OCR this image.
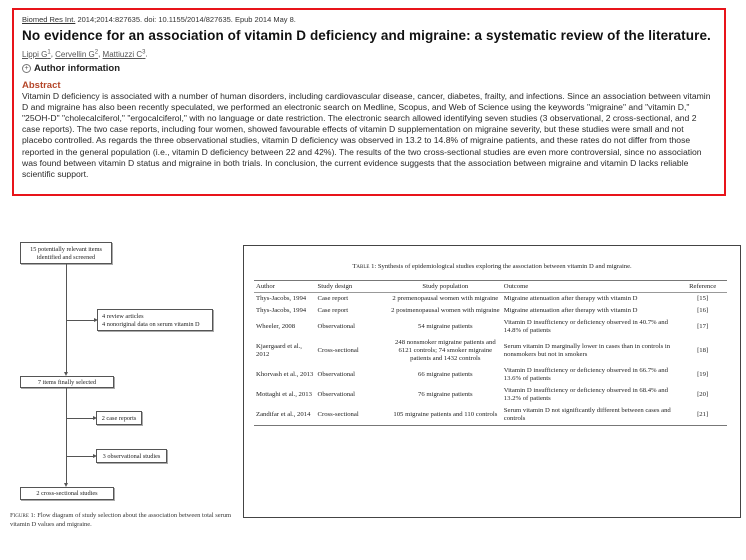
Biomed Res Int. 2014;2014:827635. doi: 10.1155/2014/827635. Epub 2014 May 8.
No evidence for an association of vitamin D deficiency and migraine: a systematic review of the literature.
Lippi $G^1$, Cervellin $G^2$, Mattiuzzi $C^3$.
+ Author information
Abstract
Vitamin D deficiency is associated with a number of human disorders, including cardiovascular disease, cancer, diabetes, frailty, and infections. Since an association between vitamin D and migraine has also been recently speculated, we performed an electronic search on Medline, Scopus, and Web of Science using the keywords "migraine" and "vitamin D," "25OH-D" "cholecalciferol," "ergocalciferol," with no language or date restriction. The electronic search allowed identifying seven studies (3 observational, 2 cross-sectional, and 2 case reports). The two case reports, including four women, showed favourable effects of vitamin D supplementation on migraine severity, but these studies were small and not placebo controlled. As regards the three observational studies, vitamin D deficiency was observed in 13.2 to 14.8% of migraine patients, and these rates do not differ from those reported in the general population (i.e., vitamin D deficiency between 22 and 42%). The results of the two cross-sectional studies are even more controversial, since no association was found between vitamin D status and migraine in both trials. In conclusion, the current evidence suggests that the association between migraine and vitamin D lacks reliable scientific support.
15 potentially relevant items
identified and screened
4 review articles
4 nonoriginal data on serum vitamin D
7 items finally selected
2 case reports
3 observational studies
2 cross-sectional studies
Figure 1: Flow diagram of study selection about the association between total serum vitamin D values and migraine.
Table 1: Synthesis of epidemiological studies exploring the association between vitamin D and migraine.
Author	Study design	Study population	Outcome	Reference
Thys-Jacobs, 1994	Case report	2 premenopausal women with migraine	Migraine attenuation after therapy with vitamin D	[15]
Thys-Jacobs, 1994	Case report	2 postmenopausal women with migraine	Migraine attenuation after therapy with vitamin D	[16]
Wheeler, 2008	Observational	54 migraine patients	Vitamin D insufficiency or deficiency observed in 40.7% and 14.8% of patients	[17]
Kjaergaard et al., 2012	Cross-sectional	248 nonsmoker migraine patients and 6121 controls; 74 smoker migraine patients and 1432 controls	Serum vitamin D marginally lower in cases than in controls in nonsmokers but not in smokers	[18]
Khorvash et al., 2013	Observational	66 migraine patients	Vitamin D insufficiency or deficiency observed in 66.7% and 13.6% of patients	[19]
Mottaghi et al., 2013	Observational	76 migraine patients	Vitamin D insufficiency or deficiency observed in 68.4% and 13.2% of patients	[20]
Zandifar et al., 2014	Cross-sectional	105 migraine patients and 110 controls	Serum vitamin D not significantly different between cases and controls	[21]
